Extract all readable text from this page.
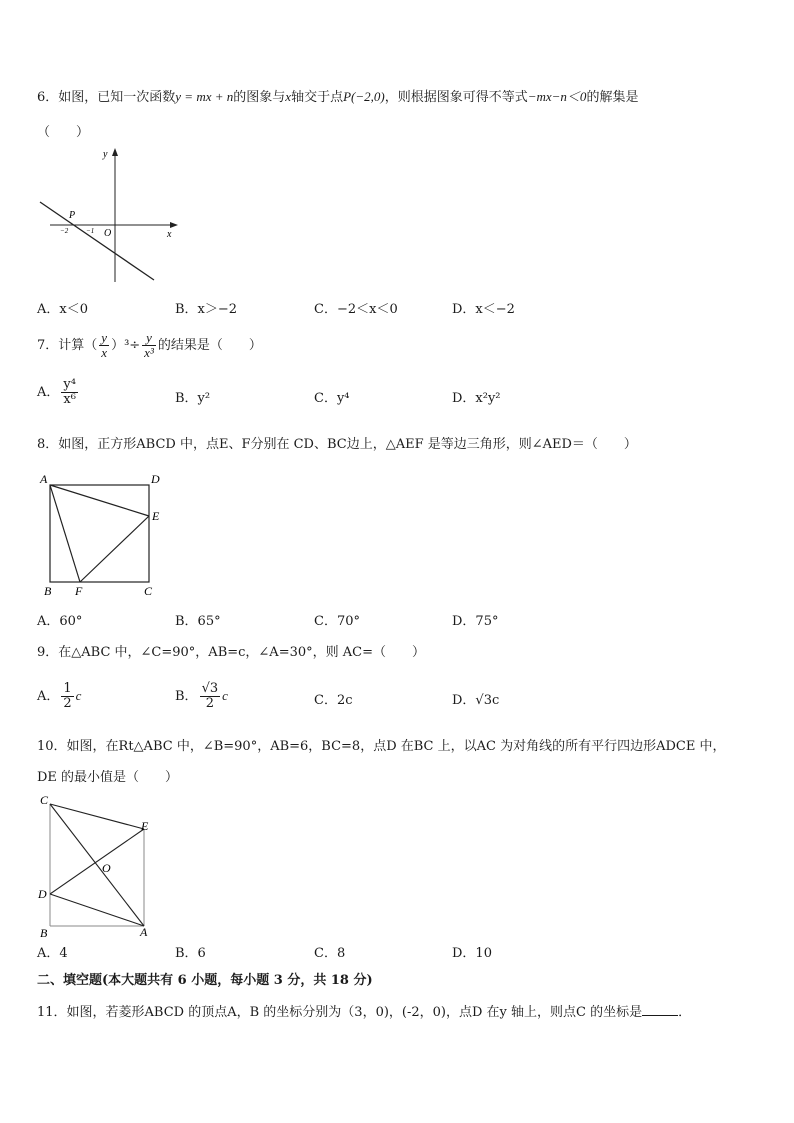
6．如图，已知一次函数y = mx + n的图象与x轴交于点P(−2,0)，则根据图象可得不等式−mx−n＜0的解集是
（　　）
y
x
O
P
−2	−1
A．x＜0	B．x＞−2	C．−2＜x＜0	D．x＜−2
7．计算（ $\frac{y}{x} )^3\div \frac{y}{\text{x³}}$ 的结果是（　　）
A． $\frac{\text{y⁴}}{\text{x⁶}}$	B．y²	C．y⁴	D．x²y²
8．如图，正方形ABCD 中，点E、F分别在 CD、BC边上，△AEF 是等边三角形，则∠AED＝（　　）
A	D
E
B F	C
A．60°	B．65°	C．70°	D．75°
9．在△ABC 中，∠C=90°，AB=c，∠A=30°，则 AC=（　　）
A． $\frac{1}{2}$ c	B． $\frac{√3}{2}$ c	C．2c	D．√3c
10．如图，在Rt△ABC 中，∠B=90°，AB=6，BC=8，点D 在BC 上，以AC 为对角线的所有平行四边形ADCE 中，
DE 的最小值是（　　）
C
E
O
D
B	A
A．4	B．6	C．8	D．10
二、填空题(本大题共有 6 小题，每小题 3 分，共 18 分)
11．如图，若菱形ABCD 的顶点A，B 的坐标分别为（3，0)，(-2，0)，点D 在y 轴上，则点C 的坐标是	．
